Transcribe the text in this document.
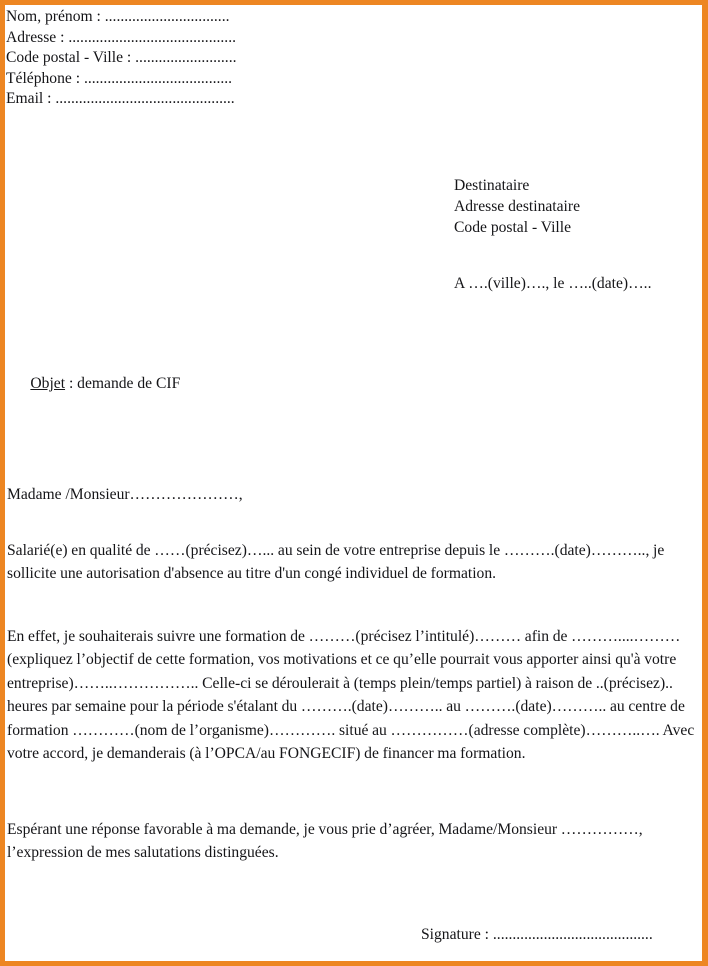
Nom, prénom : ................................
Adresse : ...........................................
Code postal - Ville : ..........................
Téléphone : ......................................
Email : ..............................................
Destinataire
Adresse destinataire
Code postal - Ville
A ….(ville)…., le …..(date)…..

Objet : demande de CIF

Madame /Monsieur…………………,
Salarié(e) en qualité de ……(précisez)…... au sein de votre entreprise depuis le ……….(date)……….., je sollicite une autorisation d'absence au titre d'un congé individuel de formation.
En effet, je souhaiterais suivre une formation de ………(précisez l’intitulé)……… afin de ………....………(expliquez l’objectif de cette formation, vos motivations et ce qu’elle pourrait vous apporter ainsi qu'à votre entreprise)……..…………….. Celle-ci se déroulerait à (temps plein/temps partiel) à raison de ..(précisez).. heures par semaine pour la période s'étalant du ……….(date)……….. au ……….(date)……….. au centre de formation …………(nom de l’organisme)…………. situé au ……………(adresse complète)………..…. Avec votre accord, je demanderais (à l’OPCA/au FONGECIF) de financer ma formation.
Espérant une réponse favorable à ma demande, je vous prie d’agréer, Madame/Monsieur ……………, l’expression de mes salutations distinguées.
Signature : .........................................
